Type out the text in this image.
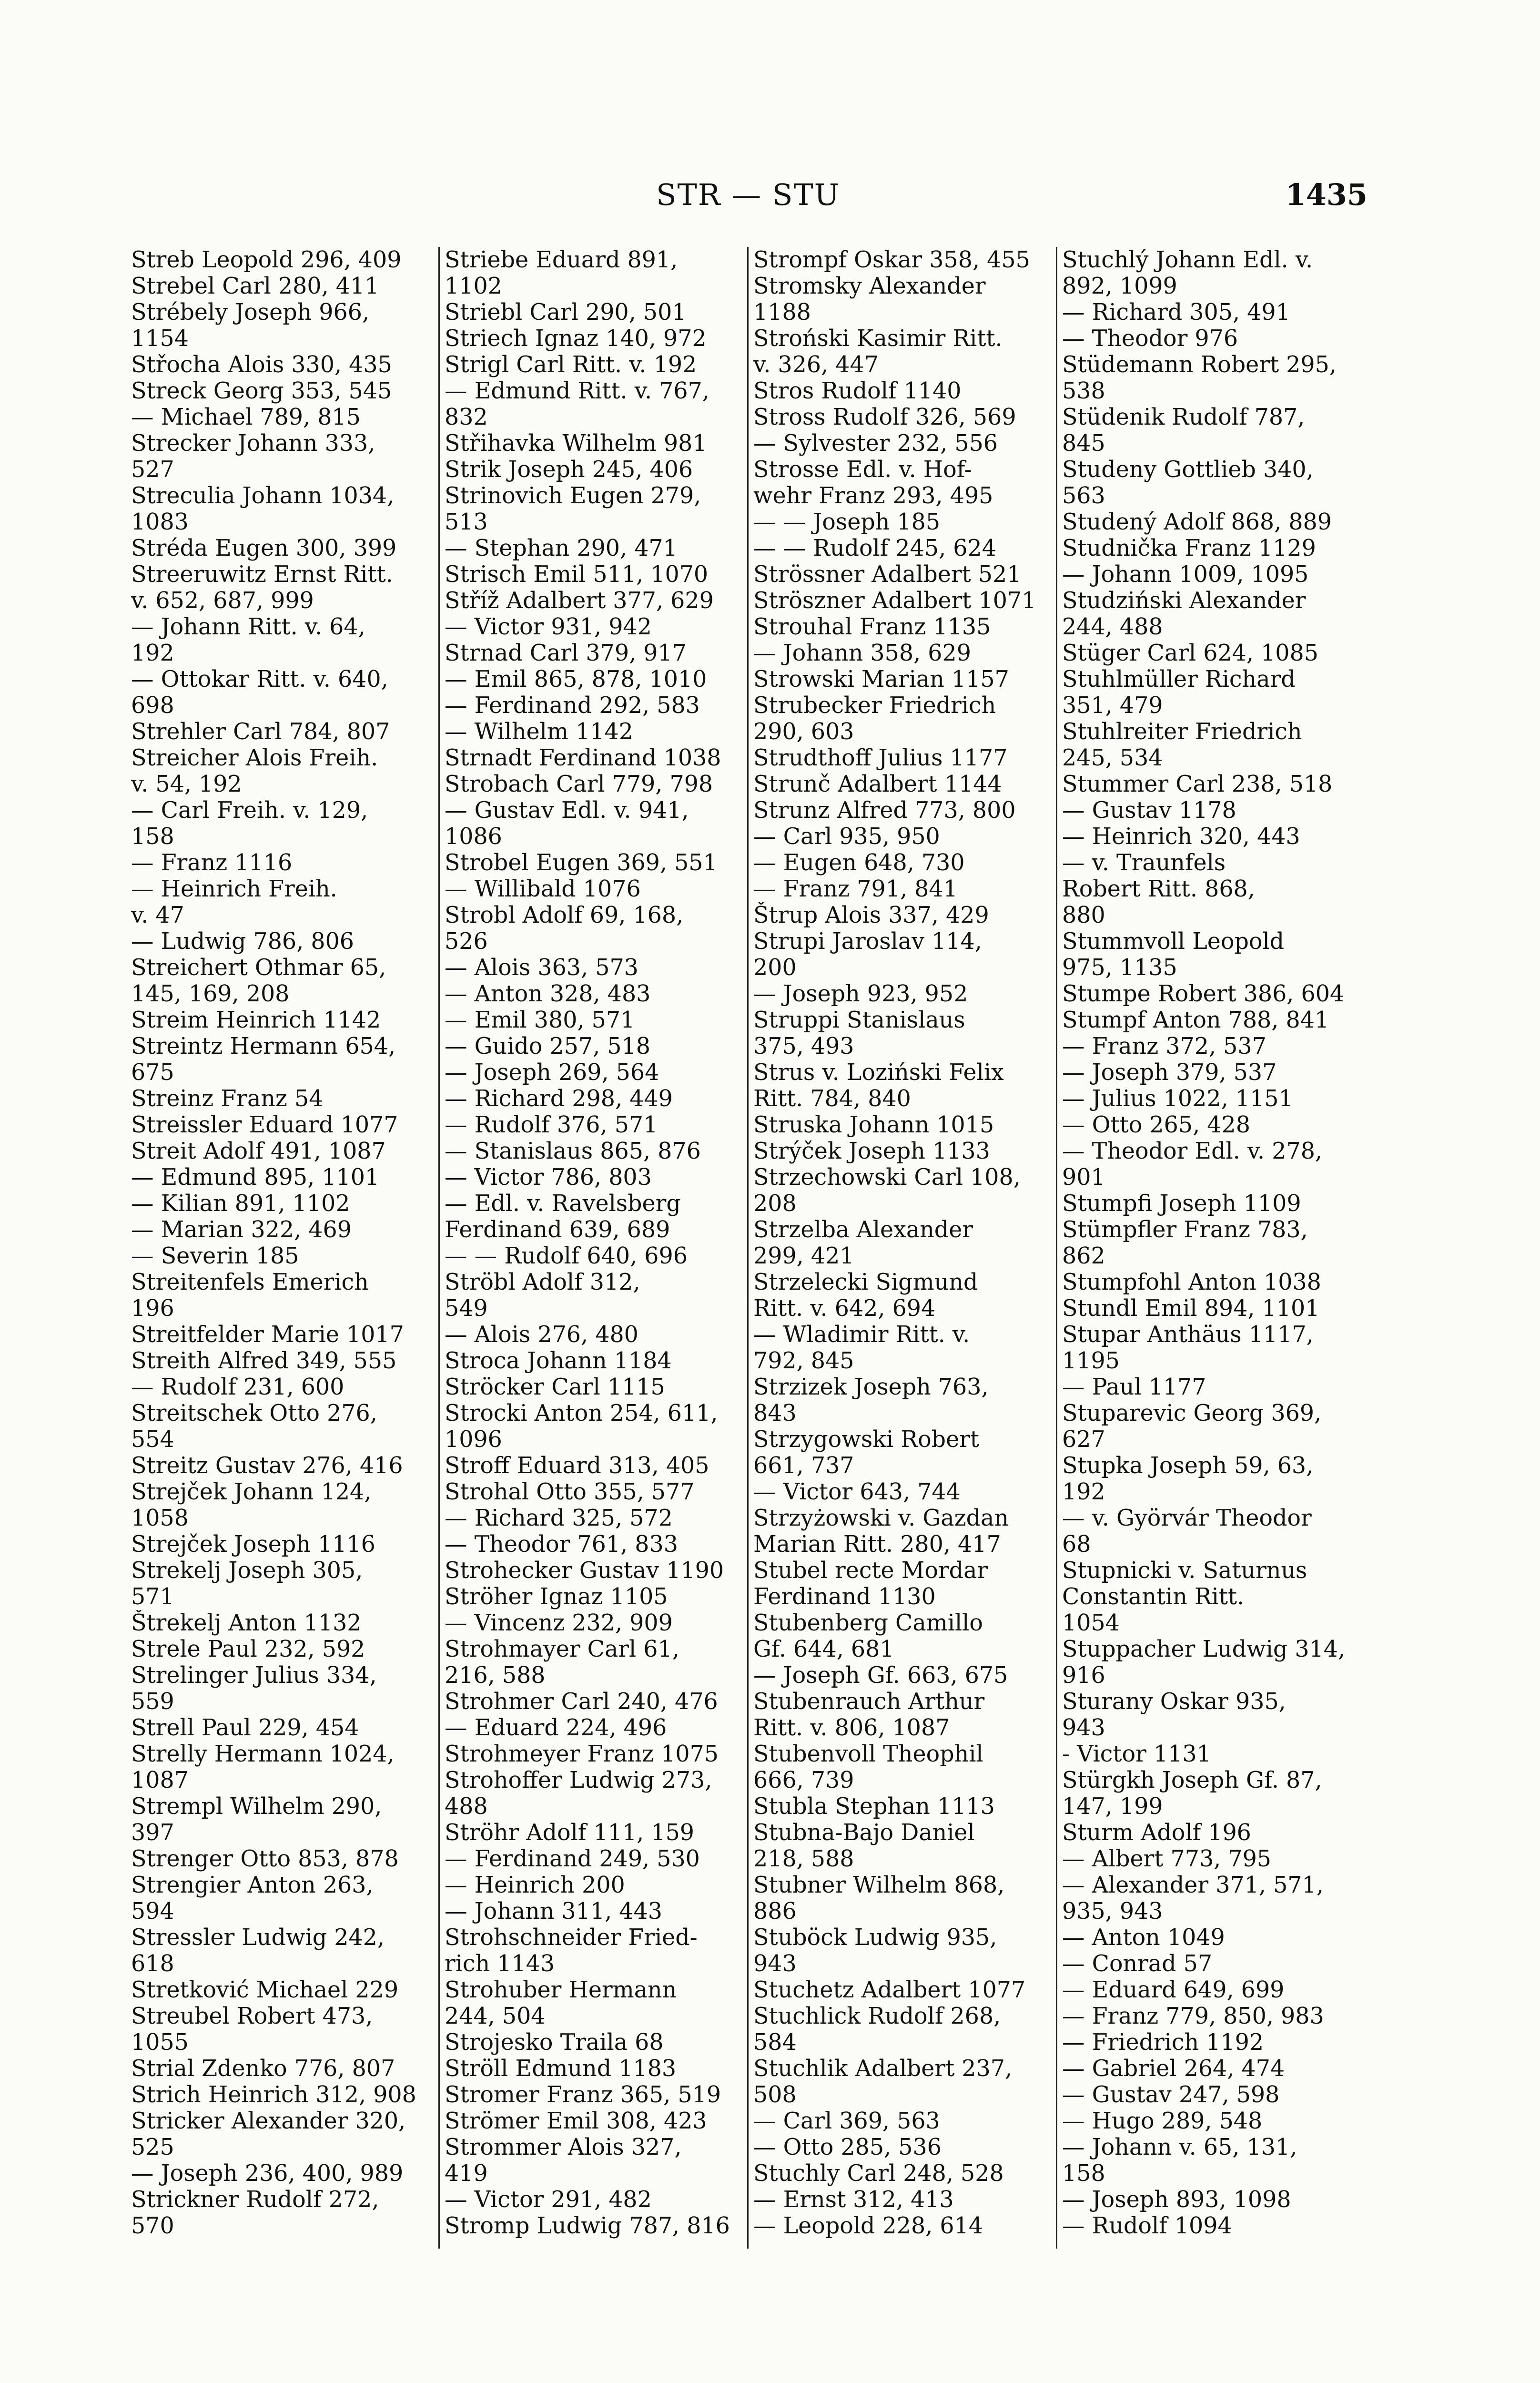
STR — STU	1435
Streb Leopold 296, 409
Strebel Carl 280, 411
Strébely Joseph 966,
1154
Střocha Alois 330, 435
Streck Georg 353, 545
— Michael 789, 815
Strecker Johann 333,
527
Streculia Johann 1034,
1083
Stréda Eugen 300, 399
Streeruwitz Ernst Ritt.
v. 652, 687, 999
— Johann Ritt. v. 64,
192
— Ottokar Ritt. v. 640,
698
Strehler Carl 784, 807
Streicher Alois Freih.
v. 54, 192
— Carl Freih. v. 129,
158
— Franz 1116
— Heinrich Freih.
v. 47
— Ludwig 786, 806
Streichert Othmar 65,
145, 169, 208
Streim Heinrich 1142
Streintz Hermann 654,
675
Streinz Franz 54
Streissler Eduard 1077
Streit Adolf 491, 1087
— Edmund 895, 1101
— Kilian 891, 1102
— Marian 322, 469
— Severin 185
Streitenfels Emerich
196
Streitfelder Marie 1017
Streith Alfred 349, 555
— Rudolf 231, 600
Streitschek Otto 276,
554
Streitz Gustav 276, 416
Strejček Johann 124,
1058
Strejček Joseph 1116
Strekelj Joseph 305,
571
Štrekelj Anton 1132
Strele Paul 232, 592
Strelinger Julius 334,
559
Strell Paul 229, 454
Strelly Hermann 1024,
1087
Strempl Wilhelm 290,
397
Strenger Otto 853, 878
Strengier Anton 263,
594
Stressler Ludwig 242,
618
Stretković Michael 229
Streubel Robert 473,
1055
Strial Zdenko 776, 807
Strich Heinrich 312, 908
Stricker Alexander 320,
525
— Joseph 236, 400, 989
Strickner Rudolf 272,
570
Striebe Eduard 891,
1102
Striebl Carl 290, 501
Striech Ignaz 140, 972
Strigl Carl Ritt. v. 192
— Edmund Ritt. v. 767,
832
Střihavka Wilhelm 981
Strik Joseph 245, 406
Strinovich Eugen 279,
513
— Stephan 290, 471
Strisch Emil 511, 1070
Stříž Adalbert 377, 629
— Victor 931, 942
Strnad Carl 379, 917
— Emil 865, 878, 1010
— Ferdinand 292, 583
— Wilhelm 1142
Strnadt Ferdinand 1038
Strobach Carl 779, 798
— Gustav Edl. v. 941,
1086
Strobel Eugen 369, 551
— Willibald 1076
Strobl Adolf 69, 168,
526
— Alois 363, 573
— Anton 328, 483
— Emil 380, 571
— Guido 257, 518
— Joseph 269, 564
— Richard 298, 449
— Rudolf 376, 571
— Stanislaus 865, 876
— Victor 786, 803
— Edl. v. Ravelsberg
Ferdinand 639, 689
— — Rudolf 640, 696
Ströbl Adolf 312,
549
— Alois 276, 480
Stroca Johann 1184
Ströcker Carl 1115
Strocki Anton 254, 611,
1096
Stroff Eduard 313, 405
Strohal Otto 355, 577
— Richard 325, 572
— Theodor 761, 833
Strohecker Gustav 1190
Ströher Ignaz 1105
— Vincenz 232, 909
Strohmayer Carl 61,
216, 588
Strohmer Carl 240, 476
— Eduard 224, 496
Strohmeyer Franz 1075
Strohoffer Ludwig 273,
488
Ströhr Adolf 111, 159
— Ferdinand 249, 530
— Heinrich 200
— Johann 311, 443
Strohschneider Fried-
rich 1143
Strohuber Hermann
244, 504
Strojesko Traila 68
Ströll Edmund 1183
Stromer Franz 365, 519
Strömer Emil 308, 423
Strommer Alois 327,
419
— Victor 291, 482
Stromp Ludwig 787, 816
Strompf Oskar 358, 455
Stromsky Alexander
1188
Stroński Kasimir Ritt.
v. 326, 447
Stros Rudolf 1140
Stross Rudolf 326, 569
— Sylvester 232, 556
Strosse Edl. v. Hof-
wehr Franz 293, 495
— — Joseph 185
— — Rudolf 245, 624
Strössner Adalbert 521
Ströszner Adalbert 1071
Strouhal Franz 1135
— Johann 358, 629
Strowski Marian 1157
Strubecker Friedrich
290, 603
Strudthoff Julius 1177
Strunč Adalbert 1144
Strunz Alfred 773, 800
— Carl 935, 950
— Eugen 648, 730
— Franz 791, 841
Štrup Alois 337, 429
Strupi Jaroslav 114,
200
— Joseph 923, 952
Struppi Stanislaus
375, 493
Strus v. Loziński Felix
Ritt. 784, 840
Struska Johann 1015
Strýček Joseph 1133
Strzechowski Carl 108,
208
Strzelba Alexander
299, 421
Strzelecki Sigmund
Ritt. v. 642, 694
— Wladimir Ritt. v.
792, 845
Strzizek Joseph 763,
843
Strzygowski Robert
661, 737
— Victor 643, 744
Strzyżowski v. Gazdan
Marian Ritt. 280, 417
Stubel recte Mordar
Ferdinand 1130
Stubenberg Camillo
Gf. 644, 681
— Joseph Gf. 663, 675
Stubenrauch Arthur
Ritt. v. 806, 1087
Stubenvoll Theophil
666, 739
Stubla Stephan 1113
Stubna-Bajo Daniel
218, 588
Stubner Wilhelm 868,
886
Stuböck Ludwig 935,
943
Stuchetz Adalbert 1077
Stuchlick Rudolf 268,
584
Stuchlik Adalbert 237,
508
— Carl 369, 563
— Otto 285, 536
Stuchly Carl 248, 528
— Ernst 312, 413
— Leopold 228, 614
Stuchlý Johann Edl. v.
892, 1099
— Richard 305, 491
— Theodor 976
Stüdemann Robert 295,
538
Stüdenik Rudolf 787,
845
Studeny Gottlieb 340,
563
Studený Adolf 868, 889
Studnička Franz 1129
— Johann 1009, 1095
Studziński Alexander
244, 488
Stüger Carl 624, 1085
Stuhlmüller Richard
351, 479
Stuhlreiter Friedrich
245, 534
Stummer Carl 238, 518
— Gustav 1178
— Heinrich 320, 443
— v. Traunfels
Robert Ritt. 868,
880
Stummvoll Leopold
975, 1135
Stumpe Robert 386, 604
Stumpf Anton 788, 841
— Franz 372, 537
— Joseph 379, 537
— Julius 1022, 1151
— Otto 265, 428
— Theodor Edl. v. 278,
901
Stumpfi Joseph 1109
Stümpfler Franz 783,
862
Stumpfohl Anton 1038
Stundl Emil 894, 1101
Stupar Anthäus 1117,
1195
— Paul 1177
Stuparevic Georg 369,
627
Stupka Joseph 59, 63,
192
— v. Györvár Theodor
68
Stupnicki v. Saturnus
Constantin Ritt.
1054
Stuppacher Ludwig 314,
916
Sturany Oskar 935,
943
- Victor 1131
Stürgkh Joseph Gf. 87,
147, 199
Sturm Adolf 196
— Albert 773, 795
— Alexander 371, 571,
935, 943
— Anton 1049
— Conrad 57
— Eduard 649, 699
— Franz 779, 850, 983
— Friedrich 1192
— Gabriel 264, 474
— Gustav 247, 598
— Hugo 289, 548
— Johann v. 65, 131,
158
— Joseph 893, 1098
— Rudolf 1094
